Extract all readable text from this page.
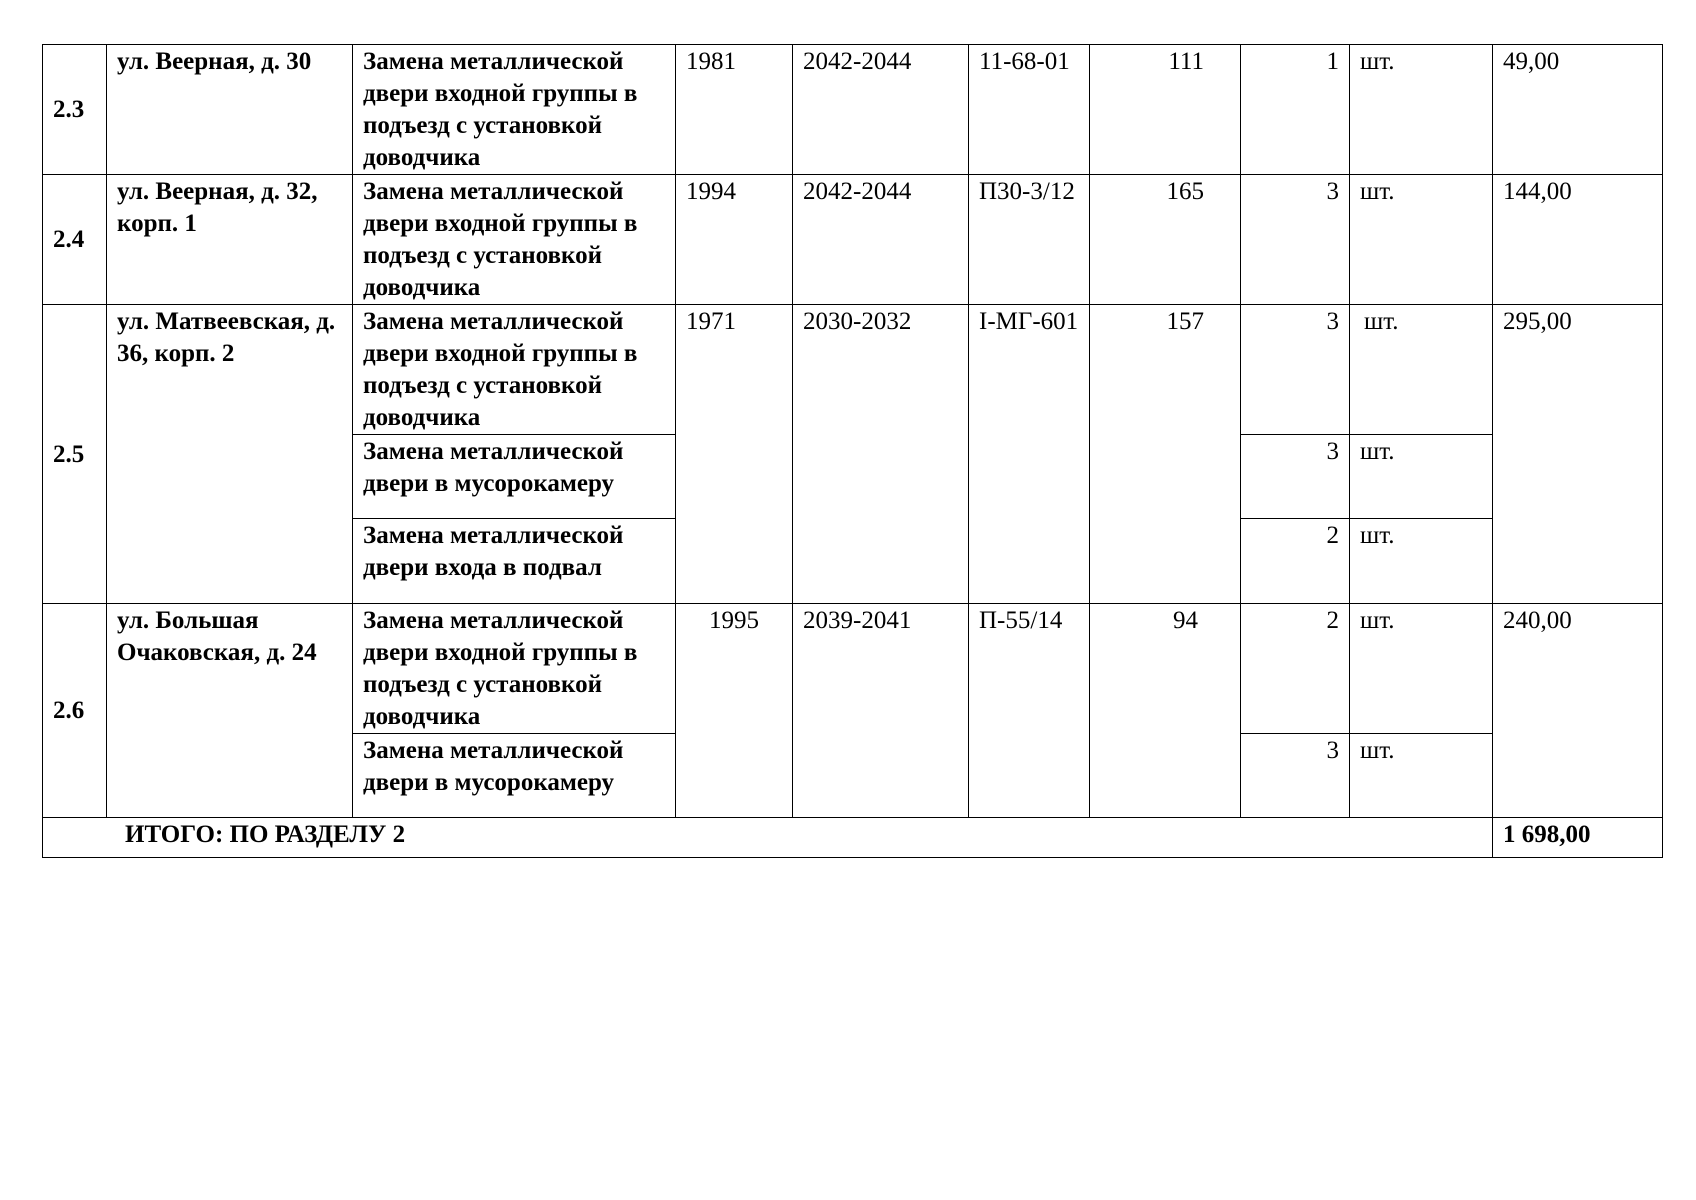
2.3	ул. Веерная, д. 30	Замена металлической двери входной группы в подъезд с установкой доводчика	1981	2042-2044	11-68-01	111	1	шт.	49,00
2.4	ул. Веерная, д. 32, корп. 1	Замена металлической двери входной группы в подъезд с установкой доводчика	1994	2042-2044	П30-3/12	165	3	шт.	144,00
2.5	ул. Матвеевская, д. 36, корп. 2	Замена металлической двери входной группы в подъезд с установкой доводчика	1971	2030-2032	I-МГ-601	157	3	шт.	295,00
		Замена металлической двери в мусорокамеру					3	шт.	
		Замена металлической двери входа в подвал					2	шт.	
2.6	ул. Большая Очаковская, д. 24	Замена металлической двери входной группы в подъезд с установкой доводчика	1995	2039-2041	П-55/14	94	2	шт.	240,00
		Замена металлической двери в мусорокамеру					3	шт.	
ИТОГО: ПО РАЗДЕЛУ 2									1 698,00
